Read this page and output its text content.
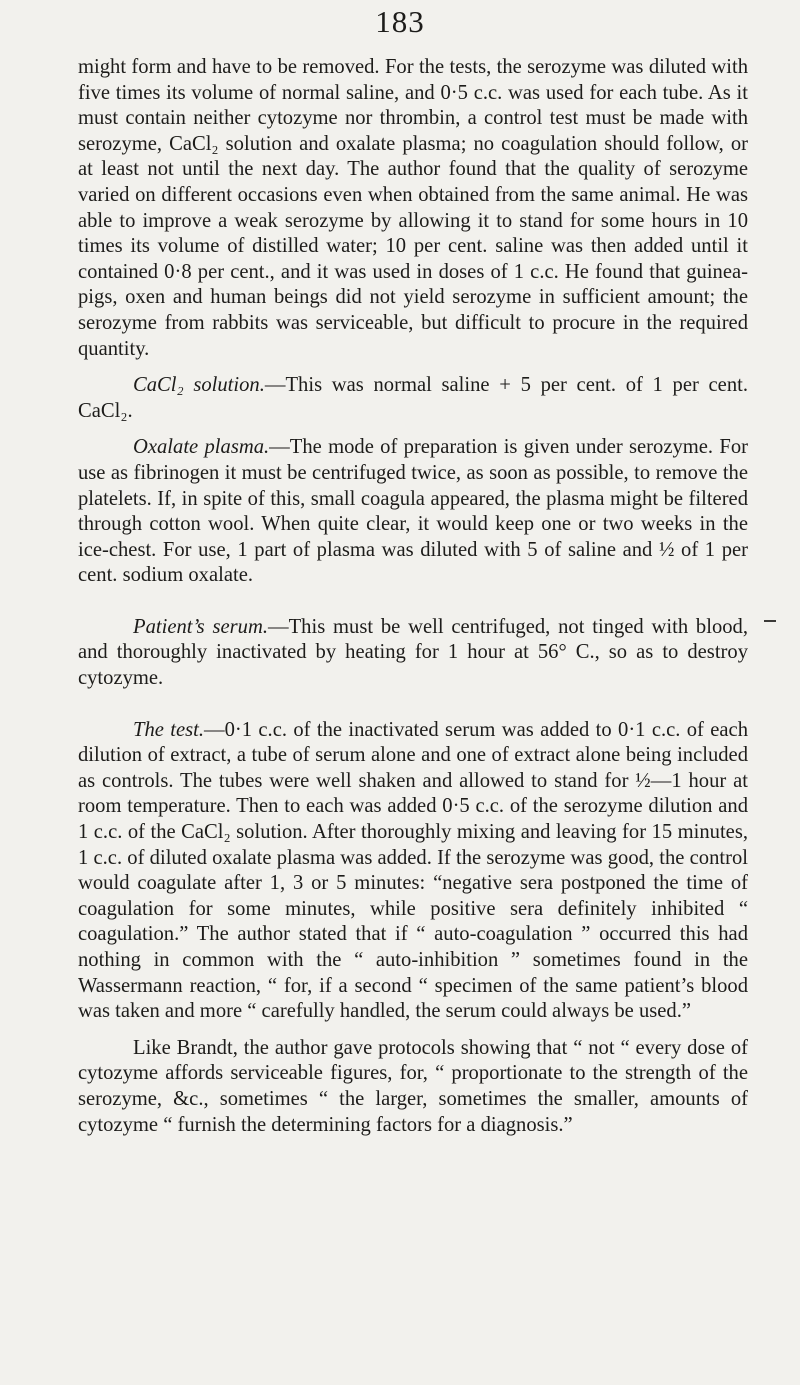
183

might form and have to be removed. For the tests, the serozyme was diluted with five times its volume of normal saline, and 0·5 c.c. was used for each tube. As it must contain neither cytozyme nor thrombin, a control test must be made with serozyme, CaCl₂ solution and oxalate plasma; no coagulation should follow, or at least not until the next day. The author found that the quality of serozyme varied on different occasions even when obtained from the same animal. He was able to improve a weak serozyme by allowing it to stand for some hours in 10 times its volume of distilled water; 10 per cent. saline was then added until it contained 0·8 per cent., and it was used in doses of 1 c.c. He found that guinea-pigs, oxen and human beings did not yield serozyme in sufficient amount; the serozyme from rabbits was serviceable, but difficult to procure in the required quantity.

CaCl₂ solution.—This was normal saline + 5 per cent. of 1 per cent. CaCl₂.

Oxalate plasma.—The mode of preparation is given under serozyme. For use as fibrinogen it must be centrifuged twice, as soon as possible, to remove the platelets. If, in spite of this, small coagula appeared, the plasma might be filtered through cotton wool. When quite clear, it would keep one or two weeks in the ice-chest. For use, 1 part of plasma was diluted with 5 of saline and ½ of 1 per cent. sodium oxalate.

Patient’s serum.—This must be well centrifuged, not tinged with blood, and thoroughly inactivated by heating for 1 hour at 56° C., so as to destroy cytozyme.

The test.—0·1 c.c. of the inactivated serum was added to 0·1 c.c. of each dilution of extract, a tube of serum alone and one of extract alone being included as controls. The tubes were well shaken and allowed to stand for ½—1 hour at room temperature. Then to each was added 0·5 c.c. of the serozyme dilution and 1 c.c. of the CaCl₂ solution. After thoroughly mixing and leaving for 15 minutes, 1 c.c. of diluted oxalate plasma was added. If the serozyme was good, the control would coagulate after 1, 3 or 5 minutes: “negative sera postponed the time of coagulation for some minutes, while positive sera definitely inhibited “ coagulation.” The author stated that if “ auto-coagulation ” occurred this had nothing in common with the “ auto-inhibition ” sometimes found in the Wassermann reaction, “ for, if a second “ specimen of the same patient’s blood was taken and more “ carefully handled, the serum could always be used.”

Like Brandt, the author gave protocols showing that “ not “ every dose of cytozyme affords serviceable figures, for, “ proportionate to the strength of the serozyme, &c., sometimes “ the larger, sometimes the smaller, amounts of cytozyme “ furnish the determining factors for a diagnosis.”
